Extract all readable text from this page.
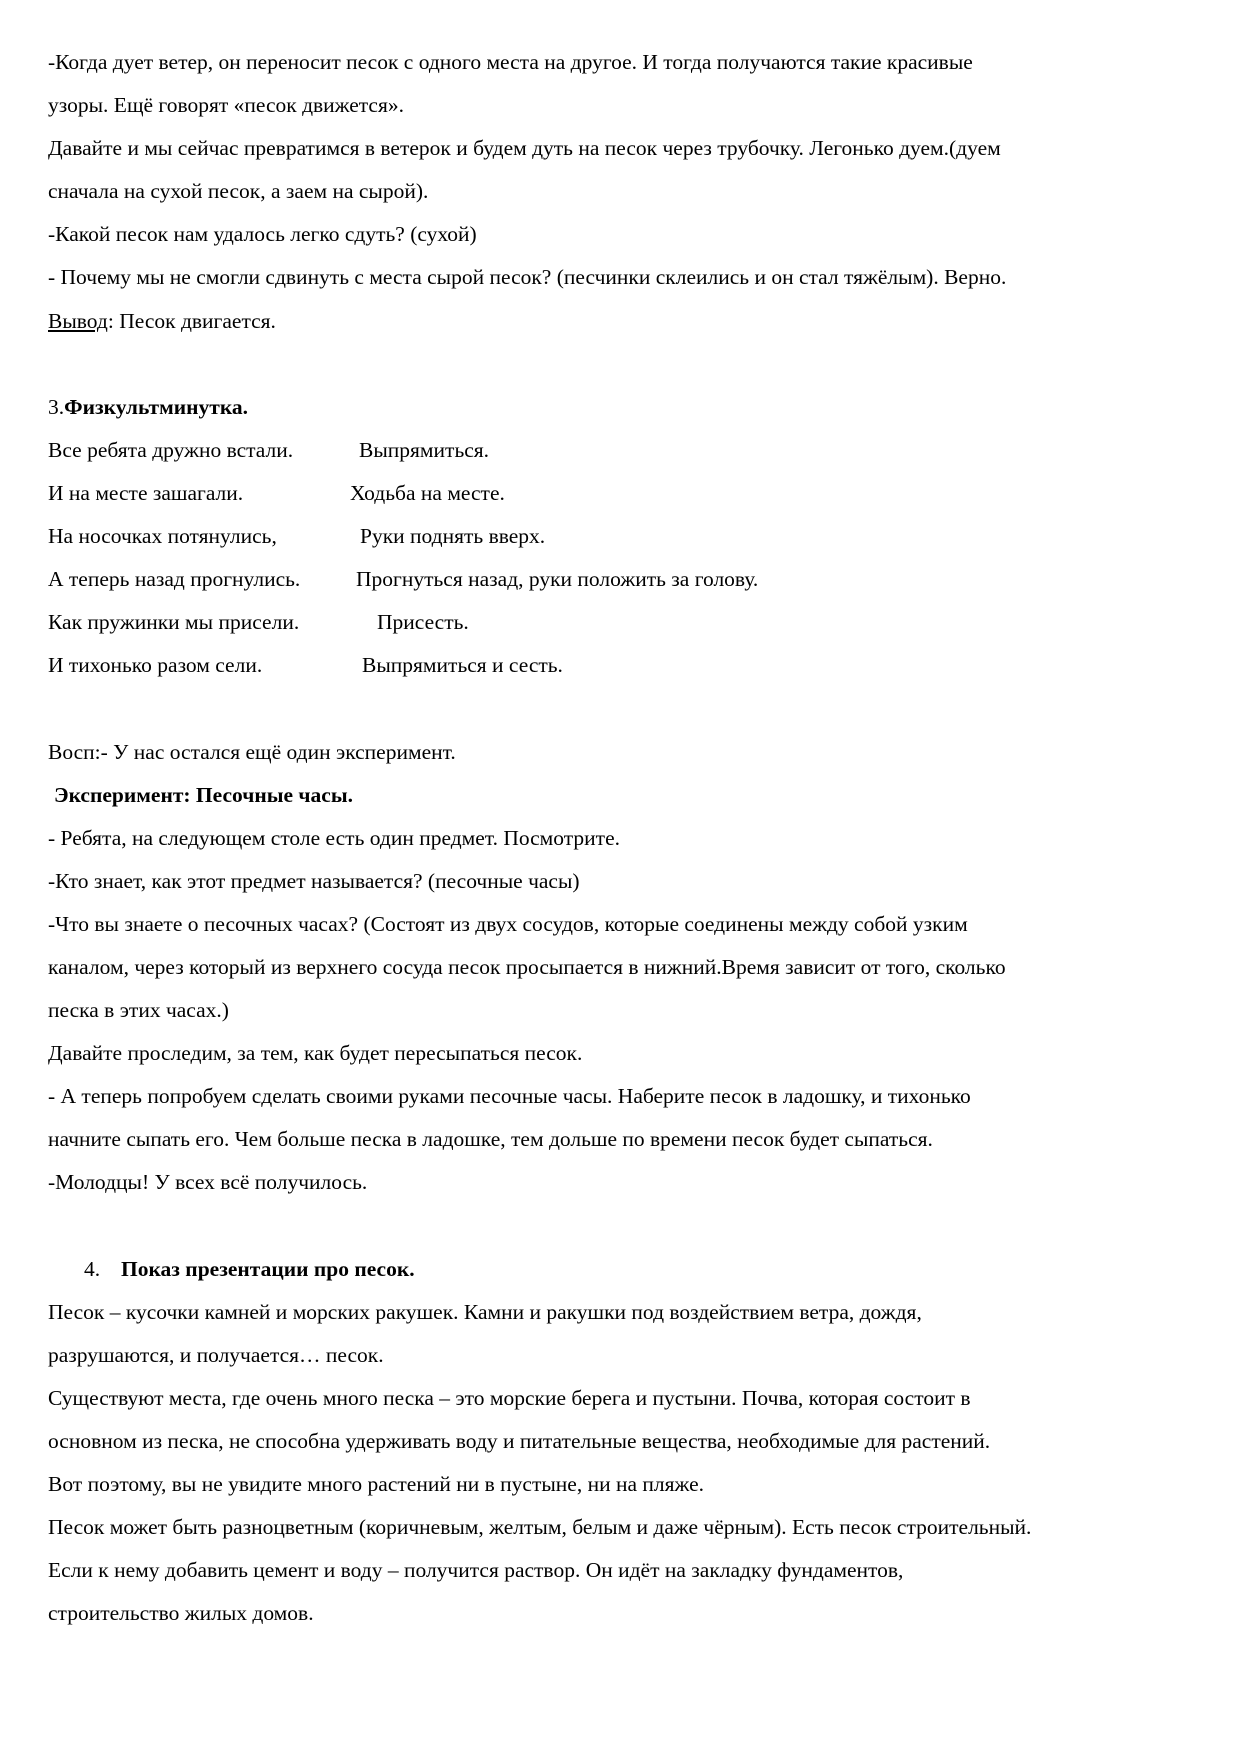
-Когда дует ветер, он переносит песок с одного места на другое. И тогда получаются такие красивые
узоры. Ещё говорят «песок движется».
Давайте и мы сейчас превратимся в ветерок и будем дуть на песок через трубочку. Легонько дуем.(дуем
сначала на сухой песок, а заем на сырой).
-Какой песок нам удалось легко сдуть? (сухой)
- Почему мы не смогли сдвинуть с места сырой песок? (песчинки склеились и он стал тяжёлым). Верно.
Вывод: Песок двигается.
3.Физкультминутка.
Все ребята дружно встали.	Выпрямиться.
И на месте зашагали.	Ходьба на месте.
На носочках потянулись,	Руки поднять вверх.
А теперь назад прогнулись.	Прогнуться назад, руки положить за голову.
Как пружинки мы присели.	Присесть.
И тихонько разом сели.	Выпрямиться и сесть.
Восп:- У нас остался ещё один эксперимент.
Эксперимент: Песочные часы.
- Ребята, на следующем столе есть один предмет. Посмотрите.
-Кто знает, как этот предмет называется? (песочные часы)
-Что вы знаете о песочных часах? (Состоят из двух сосудов, которые соединены между собой узким
каналом, через который из верхнего сосуда песок просыпается в нижний.Время зависит от того, сколько
песка в этих часах.)
Давайте проследим, за тем, как будет пересыпаться песок.
- А теперь попробуем сделать своими руками песочные часы. Наберите песок в ладошку, и тихонько
начните сыпать его. Чем больше песка в ладошке, тем дольше по времени песок будет сыпаться.
-Молодцы! У всех всё получилось.
4. Показ презентации про песок.
Песок – кусочки камней и морских ракушек. Камни и ракушки под воздействием ветра, дождя,
разрушаются, и получается… песок.
Существуют места, где очень много песка – это морские берега и пустыни. Почва, которая состоит в
основном из песка, не способна удерживать воду и питательные вещества, необходимые для растений.
Вот поэтому, вы не увидите много растений ни в пустыне, ни на пляже.
Песок может быть разноцветным (коричневым, желтым, белым и даже чёрным). Есть песок строительный.
Если к нему добавить цемент и воду – получится раствор. Он идёт на закладку фундаментов,
строительство жилых домов.
